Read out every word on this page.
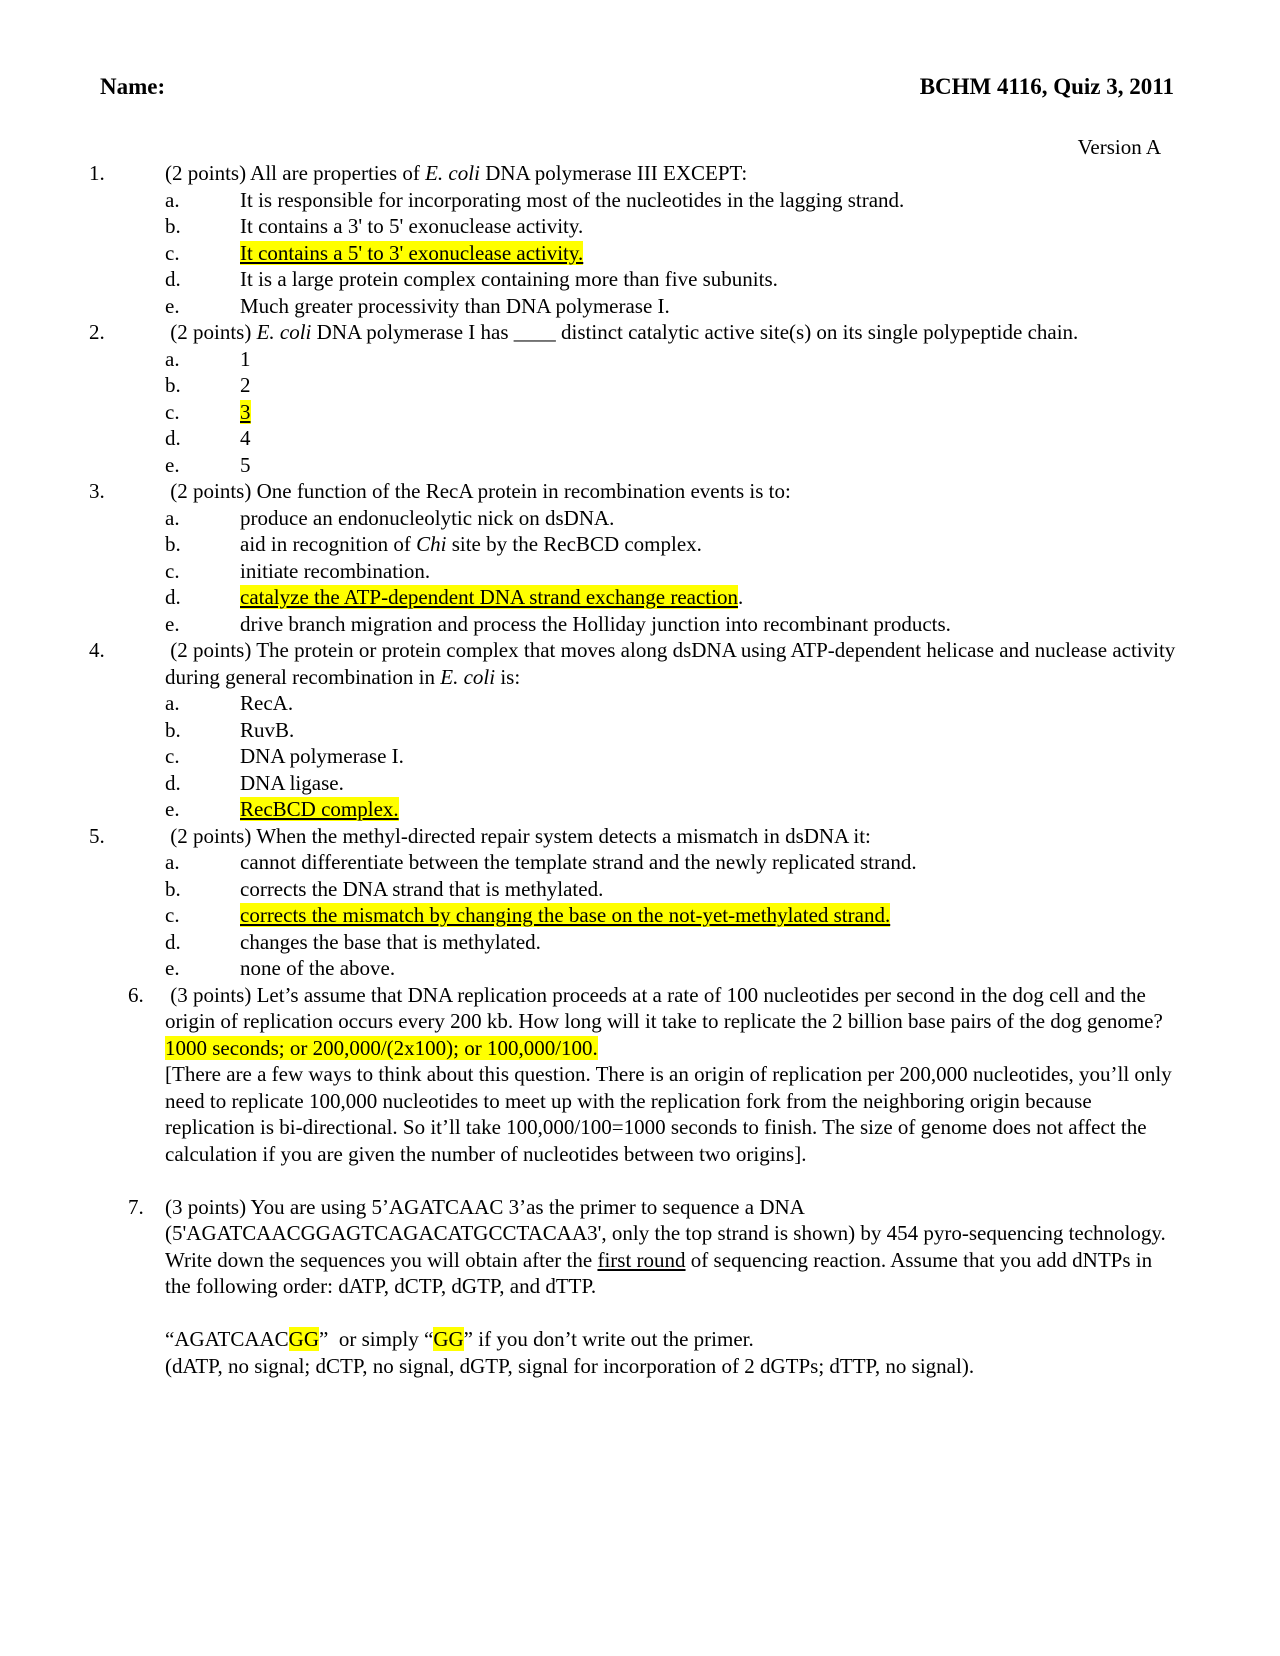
Name:	BCHM 4116, Quiz 3, 2011
Version A
1.	(2 points) All are properties of E. coli DNA polymerase III EXCEPT:
a.	It is responsible for incorporating most of the nucleotides in the lagging strand.
b.	It contains a 3' to 5' exonuclease activity.
c.	It contains a 5' to 3' exonuclease activity.
d.	It is a large protein complex containing more than five subunits.
e.	Much greater processivity than DNA polymerase I.
2.	(2 points) E. coli DNA polymerase I has ____ distinct catalytic active site(s) on its single polypeptide chain.
a.	1
b.	2
c.	3
d.	4
e.	5
3.	(2 points) One function of the RecA protein in recombination events is to:
a.	produce an endonucleolytic nick on dsDNA.
b.	aid in recognition of Chi site by the RecBCD complex.
c.	initiate recombination.
d.	catalyze the ATP-dependent DNA strand exchange reaction.
e.	drive branch migration and process the Holliday junction into recombinant products.
4.	(2 points) The protein or protein complex that moves along dsDNA using ATP-dependent helicase and nuclease activity during general recombination in E. coli is:
a.	RecA.
b.	RuvB.
c.	DNA polymerase I.
d.	DNA ligase.
e.	RecBCD complex.
5.	(2 points) When the methyl-directed repair system detects a mismatch in dsDNA it:
a.	cannot differentiate between the template strand and the newly replicated strand.
b.	corrects the DNA strand that is methylated.
c.	corrects the mismatch by changing the base on the not-yet-methylated strand.
d.	changes the base that is methylated.
e.	none of the above.
6. (3 points) Let’s assume that DNA replication proceeds at a rate of 100 nucleotides per second in the dog cell and the origin of replication occurs every 200 kb. How long will it take to replicate the 2 billion base pairs of the dog genome?
1000 seconds; or 200,000/(2x100); or 100,000/100.
[There are a few ways to think about this question. There is an origin of replication per 200,000 nucleotides, you’ll only need to replicate 100,000 nucleotides to meet up with the replication fork from the neighboring origin because replication is bi-directional. So it’ll take 100,000/100=1000 seconds to finish. The size of genome does not affect the calculation if you are given the number of nucleotides between two origins].
7. (3 points) You are using 5’AGATCAAC 3’as the primer to sequence a DNA (5'AGATCAACGGAGTCAGACATGCCTACAA3', only the top strand is shown) by 454 pyro-sequencing technology. Write down the sequences you will obtain after the first round of sequencing reaction. Assume that you add dNTPs in the following order: dATP, dCTP, dGTP, and dTTP.
“AGATCAACGG”  or simply “GG” if you don’t write out the primer.
(dATP, no signal; dCTP, no signal, dGTP, signal for incorporation of 2 dGTPs; dTTP, no signal).
